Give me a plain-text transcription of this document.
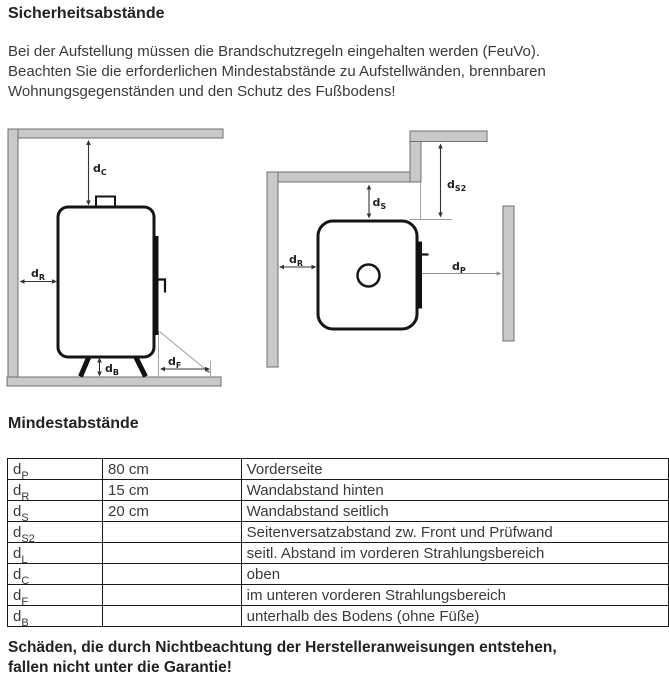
Sicherheitsabstände

Bei der Aufstellung müssen die Brandschutzregeln eingehalten werden (FeuVo).
Beachten Sie die erforderlichen Mindestabstände zu Aufstellwänden, brennbaren
Wohnungsgegenständen und den Schutz des Fußbodens!

$d_C$
$d_R$
$d_B$
$d_F$
$d_S$
$d_{S2}$
$d_R$	$d_P$
Mindestabstände
$d_P$	80 cm	Vorderseite
$d_R$	15 cm	Wandabstand hinten
$d_S$	20 cm	Wandabstand seitlich
$d_{S2}$		Seitenversatzabstand zw. Front und Prüfwand
$d_L$		seitl. Abstand im vorderen Strahlungsbereich
$d_C$		oben
$d_F$		im unteren vorderen Strahlungsbereich
$d_B$		unterhalb des Bodens (ohne Füße)

Schäden, die durch Nichtbeachtung der Herstelleranweisungen entstehen,
fallen nicht unter die Garantie!
